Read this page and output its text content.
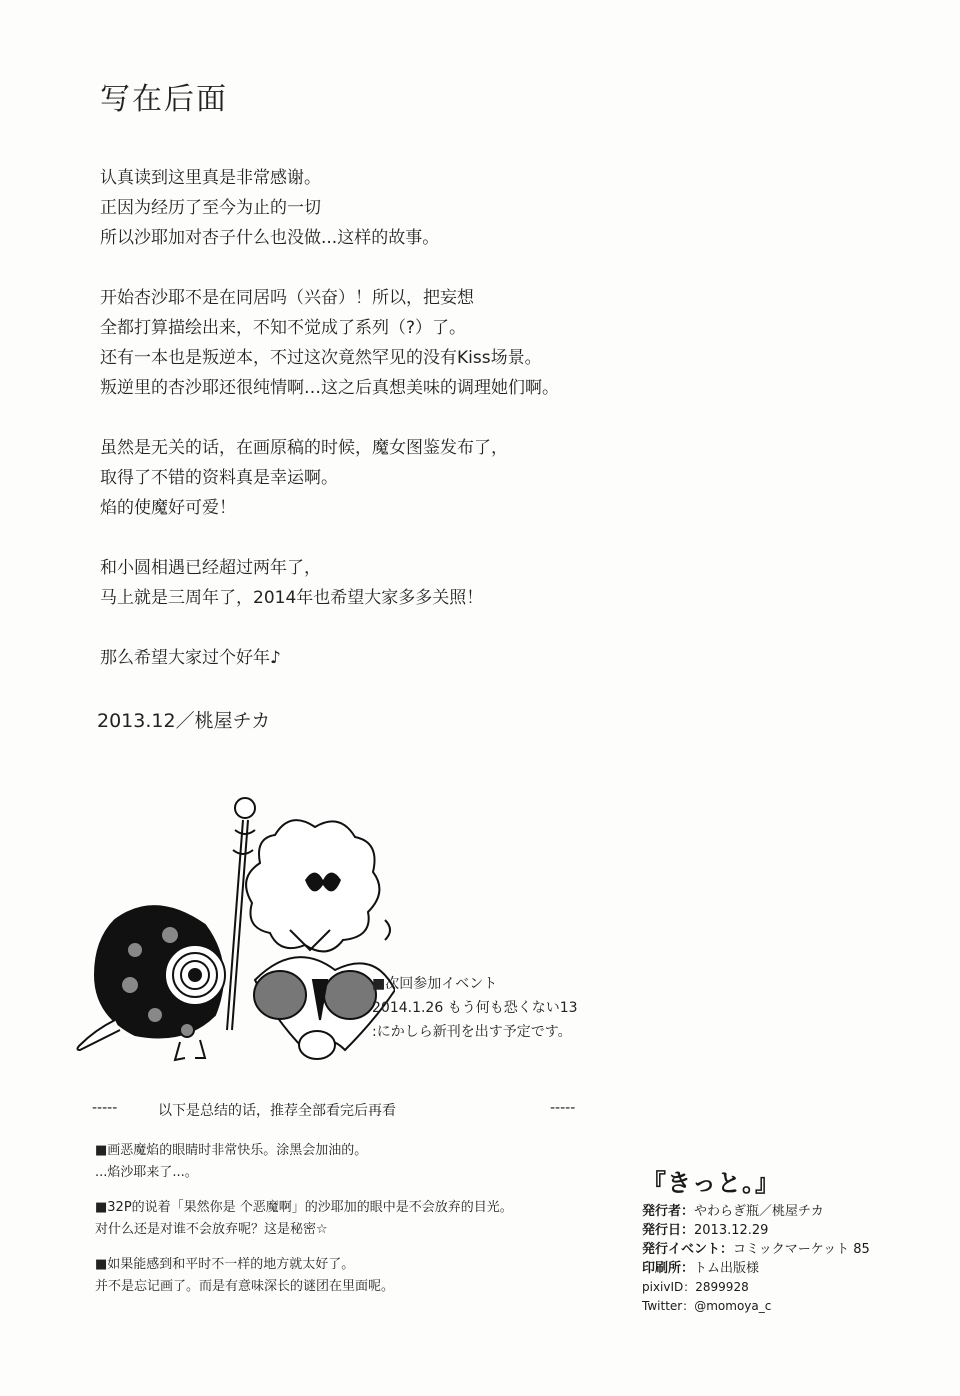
写在后面
认真读到这里真是非常感谢。
正因为经历了至今为止的一切
所以沙耶加对杏子什么也没做...这样的故事。
开始杏沙耶不是在同居吗（兴奋）！所以，把妄想
全都打算描绘出来，不知不觉成了系列（?）了。
还有一本也是叛逆本，不过这次竟然罕见的没有Kiss场景。
叛逆里的杏沙耶还很纯情啊…这之后真想美味的调理她们啊。
虽然是无关的话，在画原稿的时候，魔女图鉴发布了，
取得了不错的资料真是幸运啊。
焰的使魔好可爱！
和小圆相遇已经超过两年了，
马上就是三周年了，2014年也希望大家多多关照！
那么希望大家过个好年♪
2013.12／桃屋チカ
■次回参加イベント
2014.1.26 もう何も恐くない13
:にかしら新刊を出す予定です。
-----	以下是总结的话，推荐全部看完后再看	-----
■画恶魔焰的眼睛时非常快乐。涂黑会加油的。
...焰沙耶来了...。
■32P的说着「果然你是 个恶魔啊」的沙耶加的眼中是不会放弃的目光。
对什么还是对谁不会放弃呢？这是秘密☆
■如果能感到和平时不一样的地方就太好了。
并不是忘记画了。而是有意味深长的谜团在里面呢。
『きっと。』
発行者：やわらぎ瓶／桃屋チカ
発行日：2013.12.29
発行イベント：コミックマーケット 85
印刷所：トム出版様
pixivID：2899928
Twitter：@momoya_c
